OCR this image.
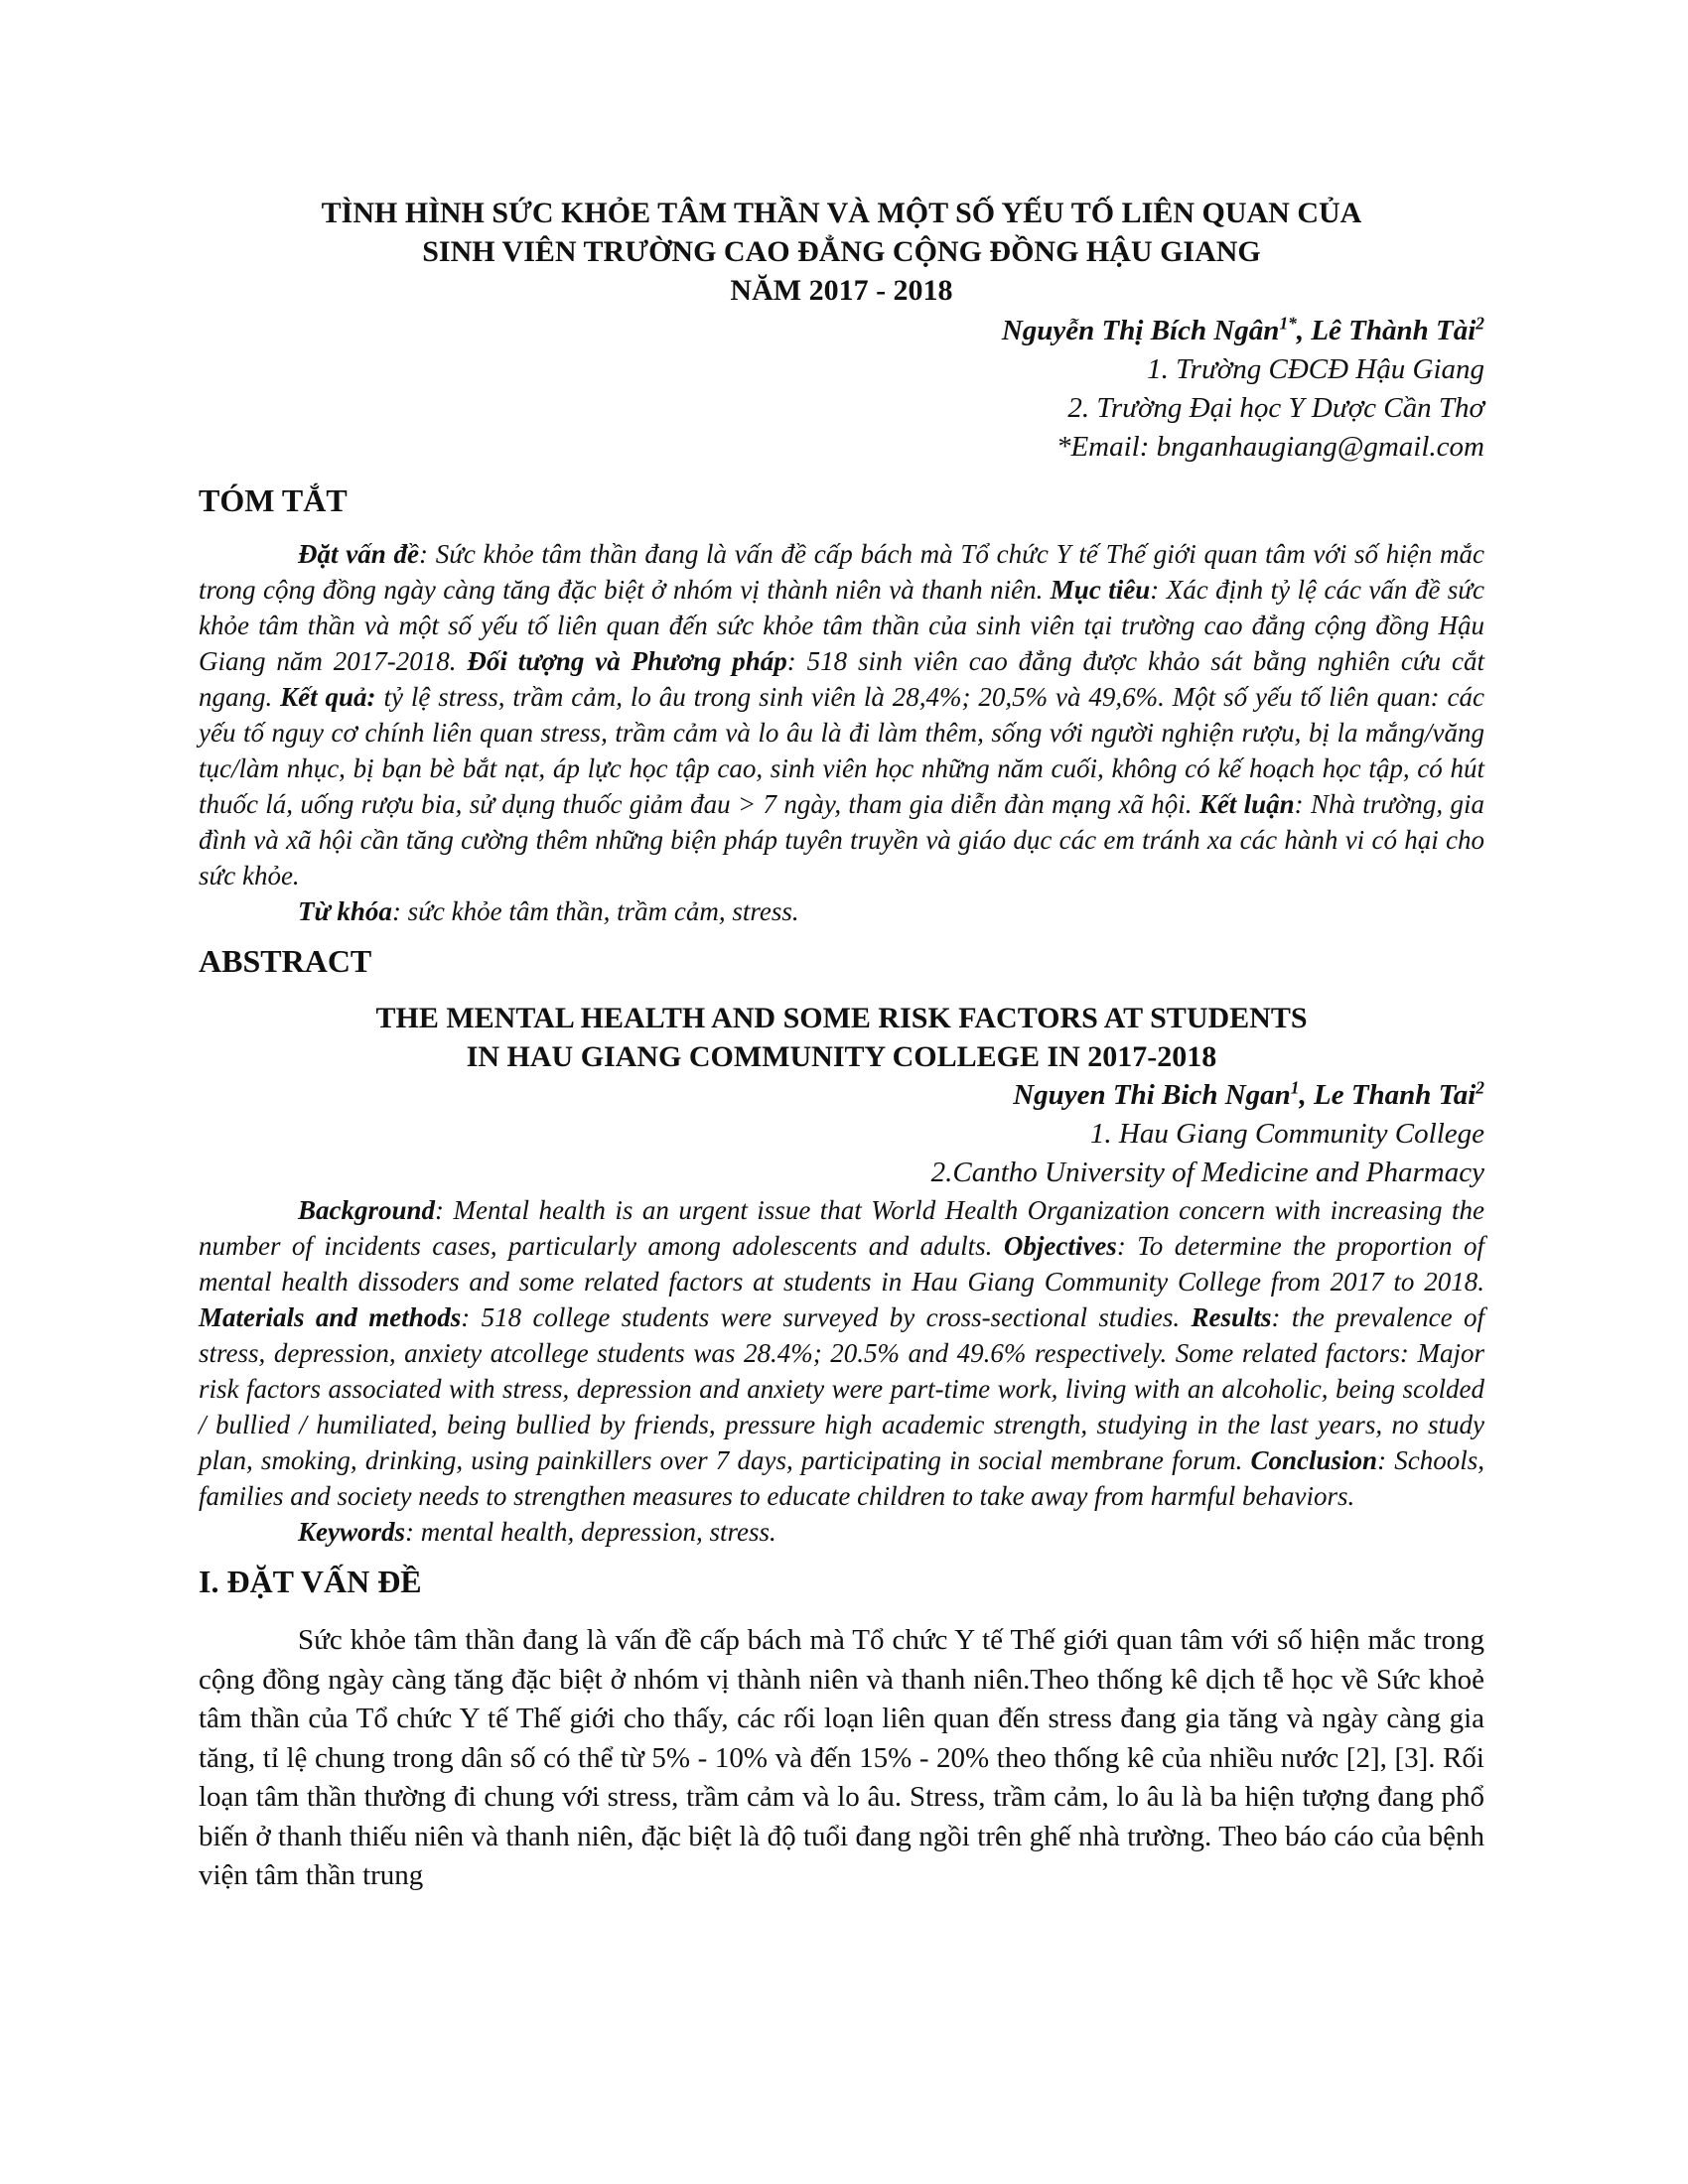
TÌNH HÌNH SỨC KHỎE TÂM THẦN VÀ MỘT SỐ YẾU TỐ LIÊN QUAN CỦA

SINH VIÊN TRƯỜNG CAO ĐẲNG CỘNG ĐỒNG HẬU GIANG

NĂM 2017 - 2018

Nguyễn Thị Bích Ngân$^{1*}$, Lê Thành Tài$^2$

1. Trường CĐCĐ Hậu Giang

2. Trường Đại học Y Dược Cần Thơ

*Email: bnganhaugiang@gmail.com

TÓM TẮT

Đặt vấn đề: Sức khỏe tâm thần đang là vấn đề cấp bách mà Tổ chức Y tế Thế giới quan tâm với số hiện mắc trong cộng đồng ngày càng tăng đặc biệt ở nhóm vị thành niên và thanh niên. Mục tiêu: Xác định tỷ lệ các vấn đề sức khỏe tâm thần và một số yếu tố liên quan đến sức khỏe tâm thần của sinh viên tại trường cao đẳng cộng đồng Hậu Giang năm 2017-2018. Đối tượng và Phương pháp: 518 sinh viên cao đẳng được khảo sát bằng nghiên cứu cắt ngang. Kết quả: tỷ lệ stress, trầm cảm, lo âu trong sinh viên là 28,4%; 20,5% và 49,6%. Một số yếu tố liên quan: các yếu tố nguy cơ chính liên quan stress, trầm cảm và lo âu là đi làm thêm, sống với người nghiện rượu, bị la mắng/văng tục/làm nhục, bị bạn bè bắt nạt, áp lực học tập cao, sinh viên học những năm cuối, không có kế hoạch học tập, có hút thuốc lá, uống rượu bia, sử dụng thuốc giảm đau > 7 ngày, tham gia diễn đàn mạng xã hội. Kết luận: Nhà trường, gia đình và xã hội cần tăng cường thêm những biện pháp tuyên truyền và giáo dục các em tránh xa các hành vi có hại cho sức khỏe.

Từ khóa: sức khỏe tâm thần, trầm cảm, stress.

ABSTRACT

THE MENTAL HEALTH AND SOME RISK FACTORS AT STUDENTS

IN HAU GIANG COMMUNITY COLLEGE IN 2017-2018

Nguyen Thi Bich Ngan$^1$, Le Thanh Tai$^2$

1. Hau Giang Community College

2.Cantho University of Medicine and Pharmacy

Background: Mental health is an urgent issue that World Health Organization concern with increasing the number of incidents cases, particularly among adolescents and adults. Objectives: To determine the proportion of mental health dissoders and some related factors at students in Hau Giang Community College from 2017 to 2018. Materials and methods: 518 college students were surveyed by cross-sectional studies. Results: the prevalence of stress, depression, anxiety atcollege students was 28.4%; 20.5% and 49.6% respectively. Some related factors: Major risk factors associated with stress, depression and anxiety were part-time work, living with an alcoholic, being scolded / bullied / humiliated, being bullied by friends, pressure high academic strength, studying in the last years, no study plan, smoking, drinking, using painkillers over 7 days, participating in social membrane forum. Conclusion: Schools, families and society needs to strengthen measures to educate children to take away from harmful behaviors.

Keywords: mental health, depression, stress.

I. ĐẶT VẤN ĐỀ

Sức khỏe tâm thần đang là vấn đề cấp bách mà Tổ chức Y tế Thế giới quan tâm với số hiện mắc trong cộng đồng ngày càng tăng đặc biệt ở nhóm vị thành niên và thanh niên.Theo thống kê dịch tễ học về Sức khoẻ tâm thần của Tổ chức Y tế Thế giới cho thấy, các rối loạn liên quan đến stress đang gia tăng và ngày càng gia tăng, tỉ lệ chung trong dân số có thể từ 5% - 10% và đến 15% - 20% theo thống kê của nhiều nước [2], [3]. Rối loạn tâm thần thường đi chung với stress, trầm cảm và lo âu. Stress, trầm cảm, lo âu là ba hiện tượng đang phổ biến ở thanh thiếu niên và thanh niên, đặc biệt là độ tuổi đang ngồi trên ghế nhà trường. Theo báo cáo của bệnh viện tâm thần trung
